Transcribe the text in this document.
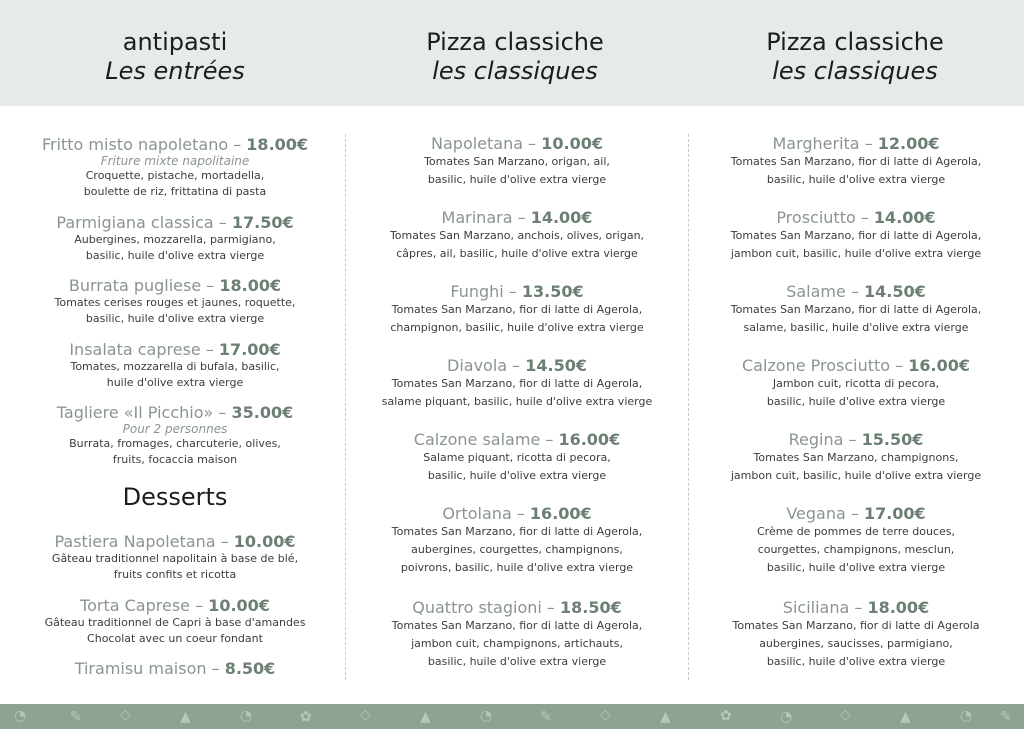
antipasti
Les entrées
Pizza classiche
les classiques
Pizza classiche
les classiques
Fritto misto napoletano – 18.00€
Friture mixte napolitaine
Croquette, pistache, mortadella,
boulette de riz, frittatina di pasta
Parmigiana classica – 17.50€
Aubergines, mozzarella, parmigiano,
basilic, huile d'olive extra vierge
Burrata pugliese – 18.00€
Tomates cerises rouges et jaunes, roquette,
basilic, huile d'olive extra vierge
Insalata caprese – 17.00€
Tomates, mozzarella di bufala, basilic,
huile d'olive extra vierge
Tagliere «Il Picchio» – 35.00€
Pour 2 personnes
Burrata, fromages, charcuterie, olives,
fruits, focaccia maison
Desserts
Pastiera Napoletana – 10.00€
Gâteau traditionnel napolitain à base de blé,
fruits confits et ricotta
Torta Caprese – 10.00€
Gâteau traditionnel de Capri à base d'amandes
Chocolat avec un coeur fondant
Tiramisu maison – 8.50€
Napoletana – 10.00€
Tomates San Marzano, origan, ail,
basilic, huile d'olive extra vierge
Marinara – 14.00€
Tomates San Marzano, anchois, olives, origan,
câpres, ail, basilic, huile d'olive extra vierge
Funghi – 13.50€
Tomates San Marzano, fior di latte di Agerola,
champignon, basilic, huile d'olive extra vierge
Diavola – 14.50€
Tomates San Marzano, fior di latte di Agerola,
salame piquant, basilic, huile d'olive extra vierge
Calzone salame – 16.00€
Salame piquant, ricotta di pecora,
basilic, huile d'olive extra vierge
Ortolana – 16.00€
Tomates San Marzano, fior di latte di Agerola,
aubergines, courgettes, champignons,
poivrons, basilic, huile d'olive extra vierge
Quattro stagioni – 18.50€
Tomates San Marzano, fior di latte di Agerola,
jambon cuit, champignons, artichauts,
basilic, huile d'olive extra vierge
Margherita – 12.00€
Tomates San Marzano, fior di latte di Agerola,
basilic, huile d'olive extra vierge
Prosciutto – 14.00€
Tomates San Marzano, fior di latte di Agerola,
jambon cuit, basilic, huile d'olive extra vierge
Salame – 14.50€
Tomates San Marzano, fior di latte di Agerola,
salame, basilic, huile d'olive extra vierge
Calzone Prosciutto – 16.00€
Jambon cuit, ricotta di pecora,
basilic, huile d'olive extra vierge
Regina – 15.50€
Tomates San Marzano, champignons,
jambon cuit, basilic, huile d'olive extra vierge
Vegana – 17.00€
Crème de pommes de terre douces,
courgettes, champignons, mesclun,
basilic, huile d'olive extra vierge
Siciliana – 18.00€
Tomates San Marzano, fior di latte di Agerola
aubergines, saucisses, parmigiano,
basilic, huile d'olive extra vierge
◔	✎	◇	▲	◔	✿	◇	▲	◔	✎	◇	▲	✿	◔	◇	▲	◔ ✎
